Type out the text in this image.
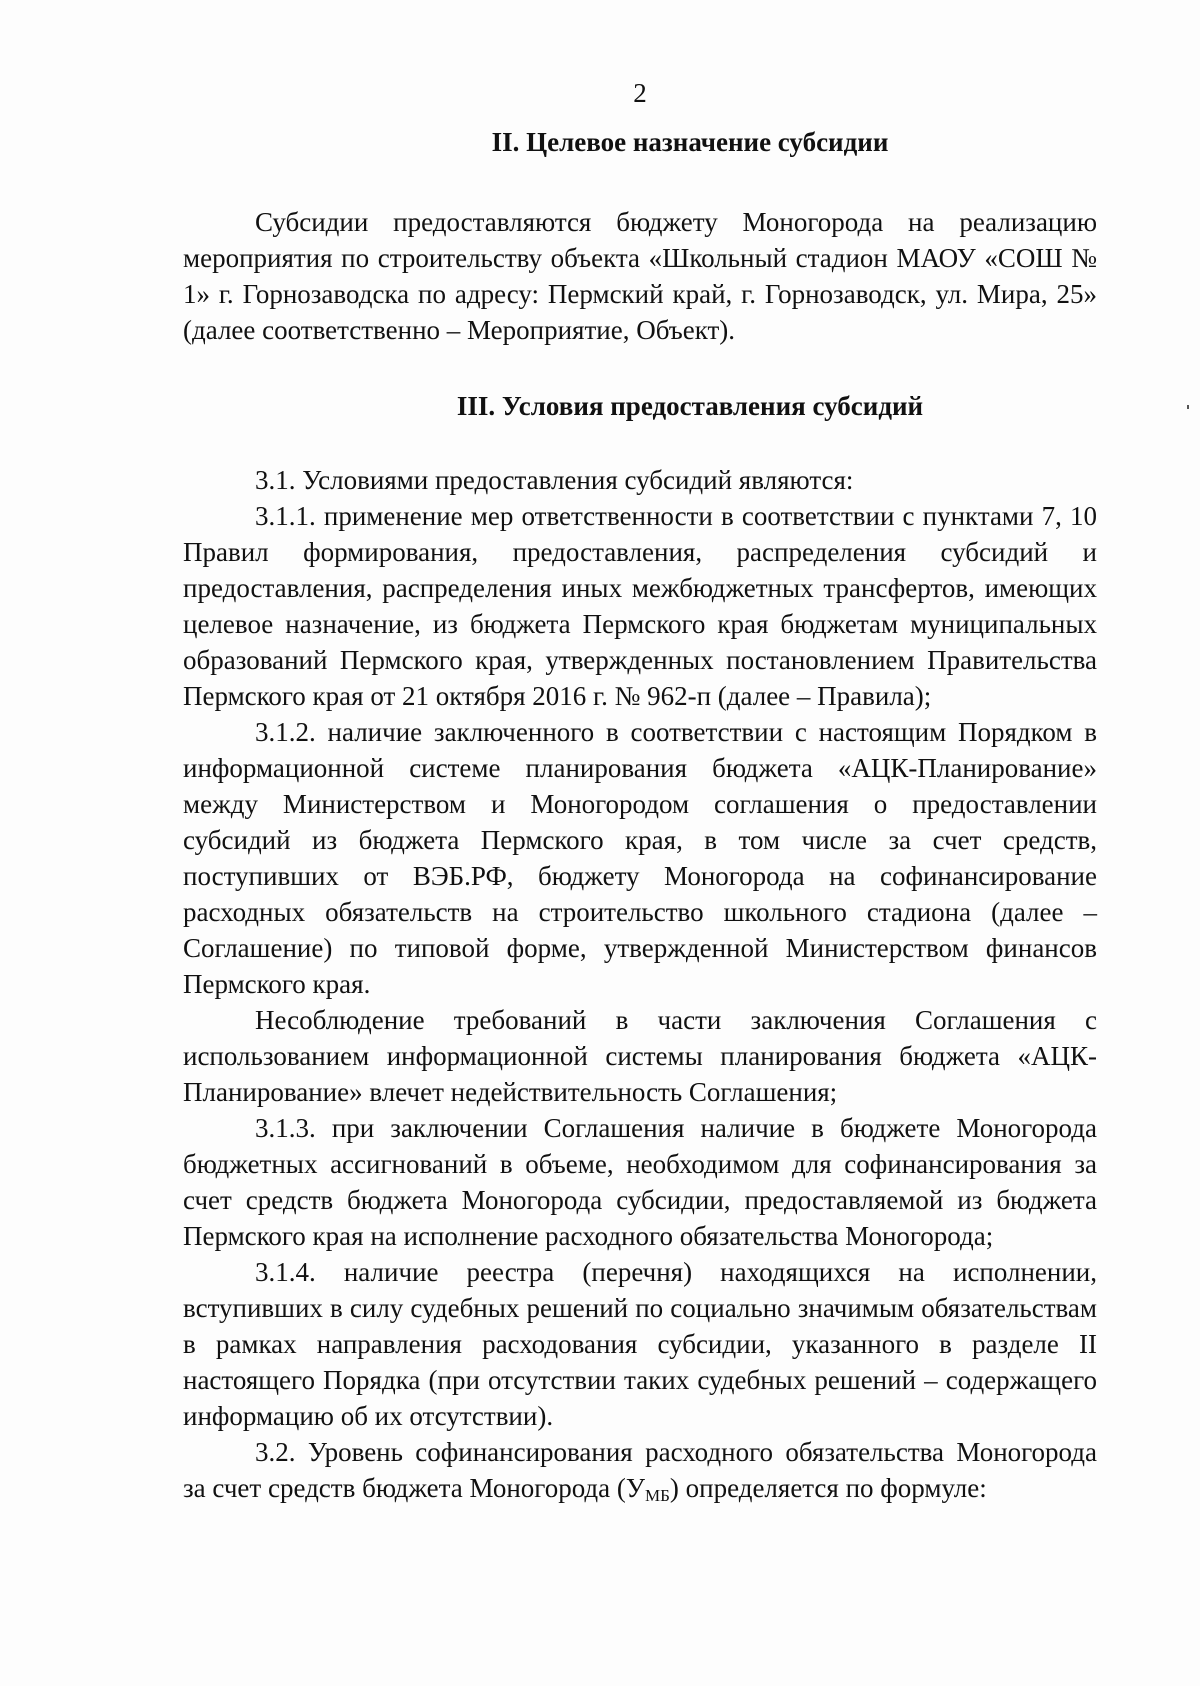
2
II. Целевое назначение субсидии

Субсидии предоставляются бюджету Моногорода на реализацию мероприятия по строительству объекта «Школьный стадион МАОУ «СОШ № 1» г. Горнозаводска по адресу: Пермский край, г. Горнозаводск, ул. Мира, 25» (далее соответственно – Мероприятие, Объект).

III. Условия предоставления субсидий

3.1. Условиями предоставления субсидий являются:

3.1.1. применение мер ответственности в соответствии с пунктами 7, 10 Правил формирования, предоставления, распределения субсидий и предоставления, распределения иных межбюджетных трансфертов, имеющих целевое назначение, из бюджета Пермского края бюджетам муниципальных образований Пермского края, утвержденных постановлением Правительства Пермского края от 21 октября 2016 г. № 962-п (далее – Правила);

3.1.2. наличие заключенного в соответствии с настоящим Порядком в информационной системе планирования бюджета «АЦК-Планирование» между Министерством и Моногородом соглашения о предоставлении субсидий из бюджета Пермского края, в том числе за счет средств, поступивших от ВЭБ.РФ, бюджету Моногорода на софинансирование расходных обязательств на строительство школьного стадиона (далее – Соглашение) по типовой форме, утвержденной Министерством финансов Пермского края.

Несоблюдение требований в части заключения Соглашения с использованием информационной системы планирования бюджета «АЦК-Планирование» влечет недействительность Соглашения;

3.1.3. при заключении Соглашения наличие в бюджете Моногорода бюджетных ассигнований в объеме, необходимом для софинансирования за счет средств бюджета Моногорода субсидии, предоставляемой из бюджета Пермского края на исполнение расходного обязательства Моногорода;

3.1.4. наличие реестра (перечня) находящихся на исполнении, вступивших в силу судебных решений по социально значимым обязательствам в рамках направления расходования субсидии, указанного в разделе II настоящего Порядка (при отсутствии таких судебных решений – содержащего информацию об их отсутствии).

3.2. Уровень софинансирования расходного обязательства Моногорода за счет средств бюджета Моногорода $(У_{МБ})$ определяется по формуле:
